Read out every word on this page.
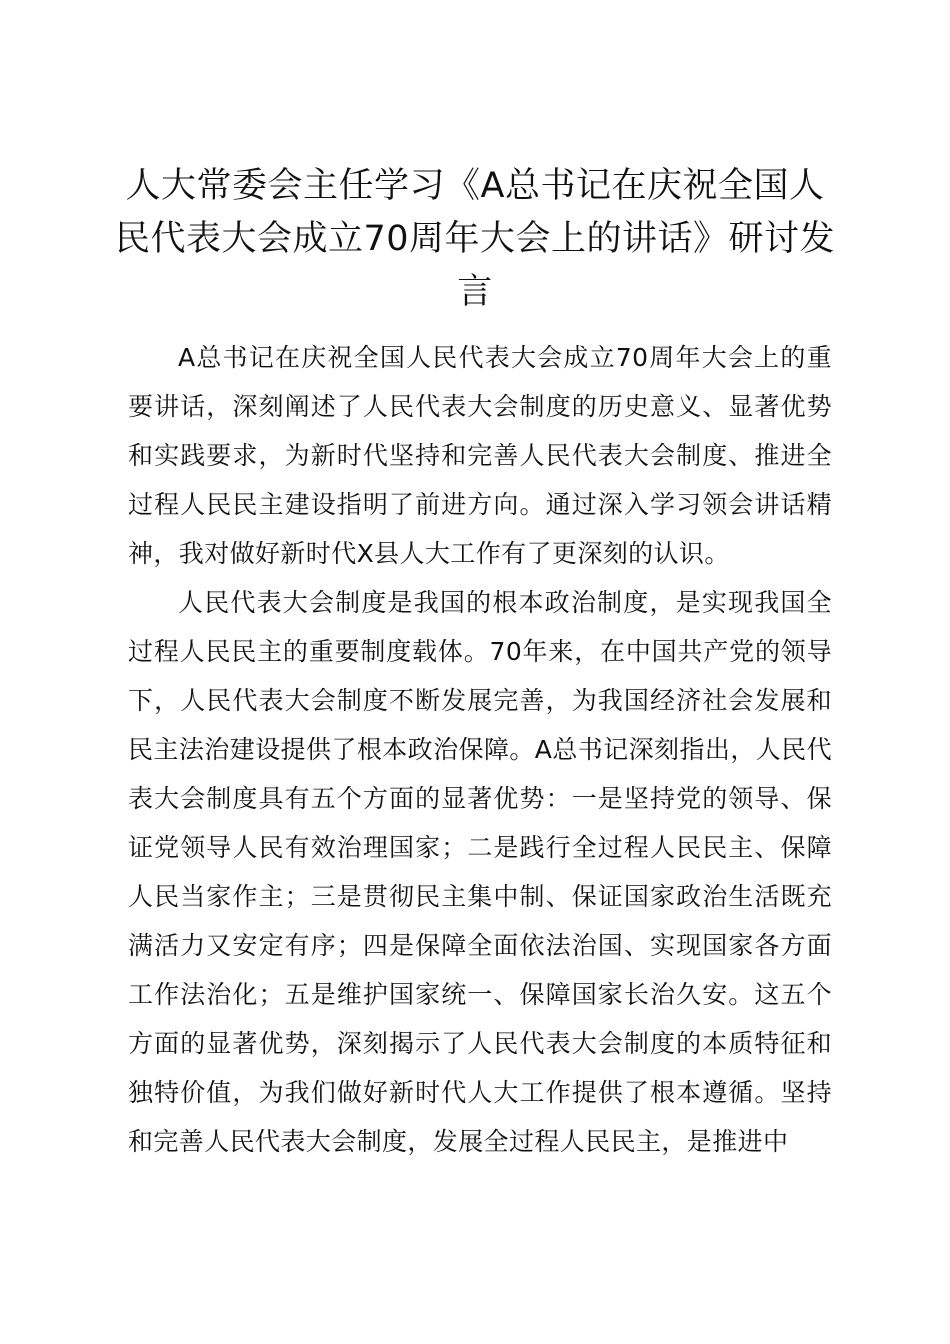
人大常委会主任学习《A总书记在庆祝全国人民代表大会成立70周年大会上的讲话》研讨发言

A总书记在庆祝全国人民代表大会成立70周年大会上的重要讲话，深刻阐述了人民代表大会制度的历史意义、显著优势和实践要求，为新时代坚持和完善人民代表大会制度、推进全过程人民民主建设指明了前进方向。通过深入学习领会讲话精神，我对做好新时代X县人大工作有了更深刻的认识。

人民代表大会制度是我国的根本政治制度，是实现我国全过程人民民主的重要制度载体。70年来，在中国共产党的领导下，人民代表大会制度不断发展完善，为我国经济社会发展和民主法治建设提供了根本政治保障。A总书记深刻指出，人民代表大会制度具有五个方面的显著优势：一是坚持党的领导、保证党领导人民有效治理国家；二是践行全过程人民民主、保障人民当家作主；三是贯彻民主集中制、保证国家政治生活既充满活力又安定有序；四是保障全面依法治国、实现国家各方面工作法治化；五是维护国家统一、保障国家长治久安。这五个方面的显著优势，深刻揭示了人民代表大会制度的本质特征和独特价值，为我们做好新时代人大工作提供了根本遵循。坚持和完善人民代表大会制度，发展全过程人民民主，是推进中
